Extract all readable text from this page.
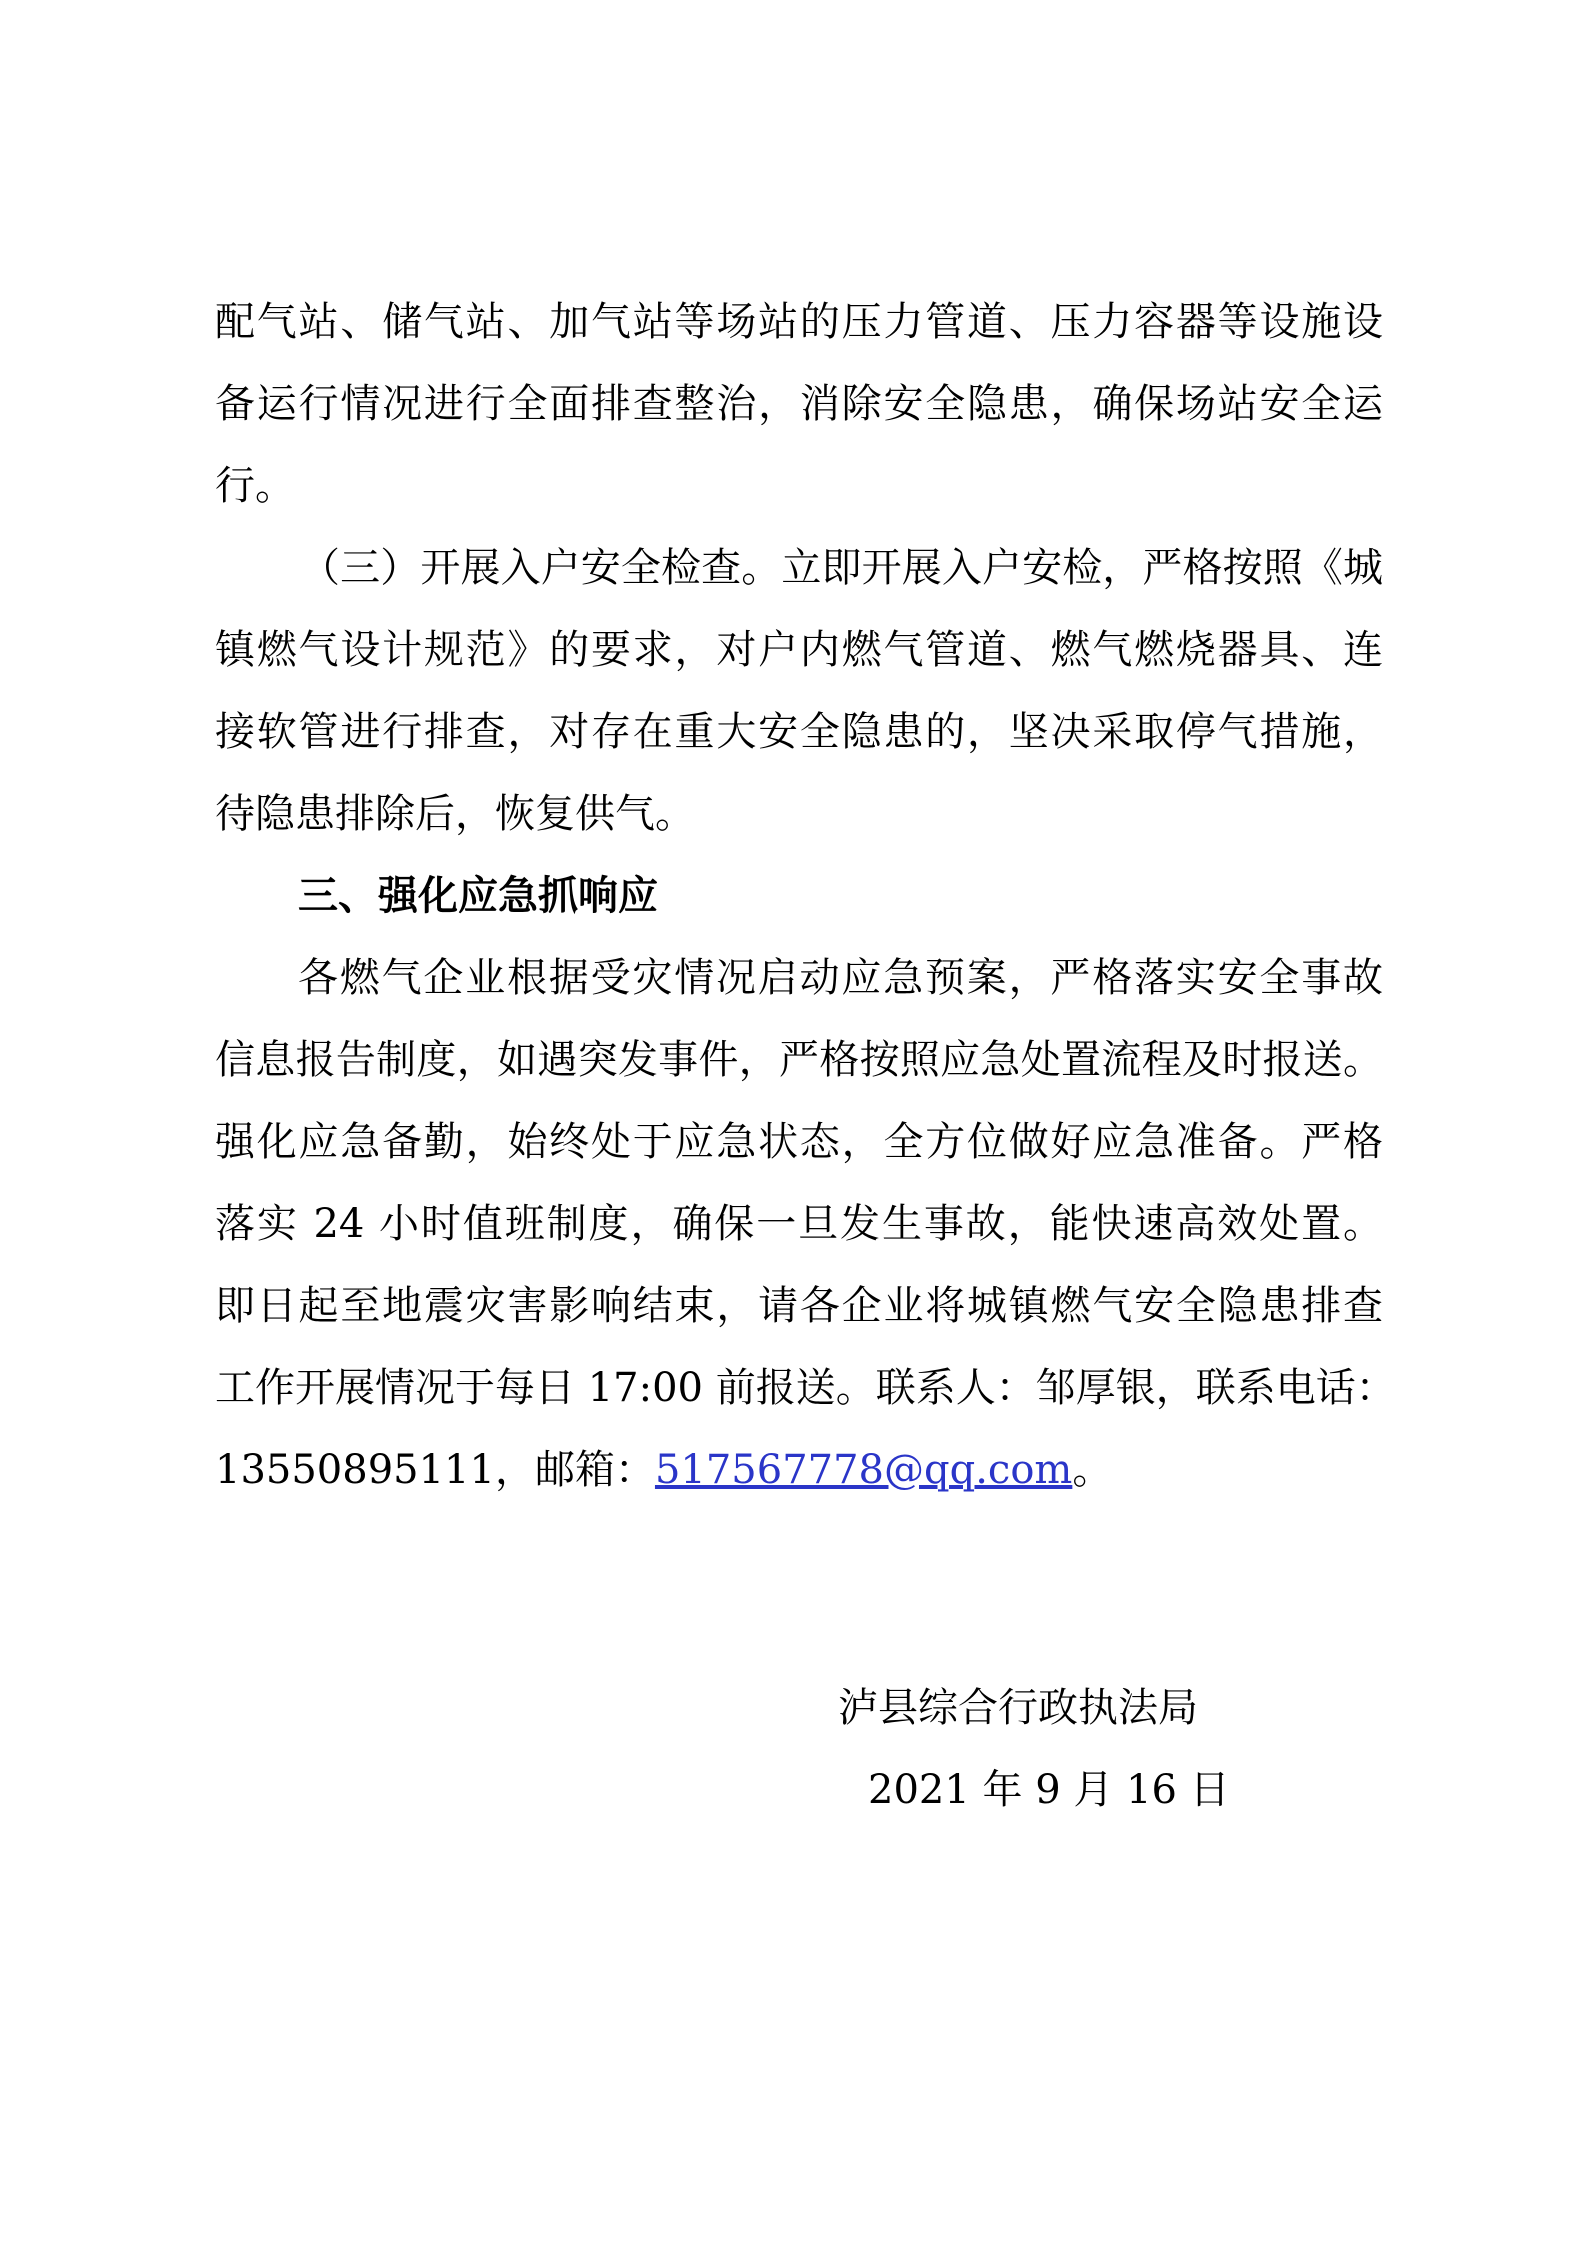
配气站、储气站、加气站等场站的压力管道、压力容器等设施设
备运行情况进行全面排查整治，消除安全隐患，确保场站安全运
行。
（三）开展入户安全检查。立即开展入户安检，严格按照《城
镇燃气设计规范》的要求，对户内燃气管道、燃气燃烧器具、连
接软管进行排查，对存在重大安全隐患的，坚决采取停气措施，
待隐患排除后，恢复供气。
三、强化应急抓响应
各燃气企业根据受灾情况启动应急预案，严格落实安全事故
信息报告制度，如遇突发事件，严格按照应急处置流程及时报送。
强化应急备勤，始终处于应急状态，全方位做好应急准备。严格
落实 24 小时值班制度，确保一旦发生事故，能快速高效处置。
即日起至地震灾害影响结束，请各企业将城镇燃气安全隐患排查
工作开展情况于每日 17:00 前报送。联系人：邹厚银，联系电话：
13550895111，邮箱：517567778@qq.com。
泸县综合行政执法局
2021 年 9 月 16 日
